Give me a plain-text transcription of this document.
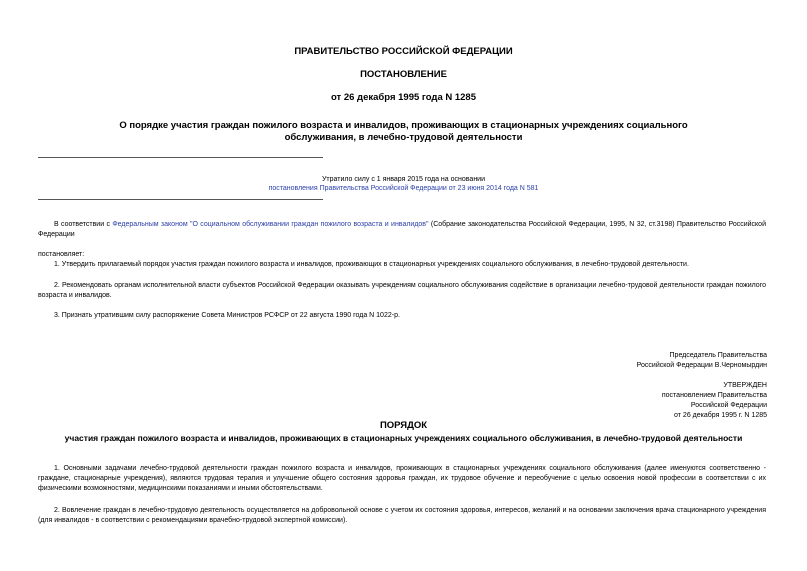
ПРАВИТЕЛЬСТВО РОССИЙСКОЙ ФЕДЕРАЦИИ
ПОСТАНОВЛЕНИЕ
от 26 декабря 1995 года N 1285
О порядке участия граждан пожилого возраста и инвалидов, проживающих в стационарных учреждениях социального обслуживания, в лечебно-трудовой деятельности
Утратило силу с 1 января 2015 года на основании
постановления Правительства Российской Федерации от 23 июня 2014 года N 581
В соответствии с Федеральным законом "О социальном обслуживании граждан пожилого возраста и инвалидов" (Собрание законодательства Российской Федерации, 1995, N 32, ст.3198) Правительство Российской Федерации
постановляет:
1. Утвердить прилагаемый порядок участия граждан пожилого возраста и инвалидов, проживающих в стационарных учреждениях социального обслуживания, в лечебно-трудовой деятельности.
2. Рекомендовать органам исполнительной власти субъектов Российской Федерации оказывать учреждениям социального обслуживания содействие в организации лечебно-трудовой деятельности граждан пожилого возраста и инвалидов.
3. Признать утратившим силу распоряжение Совета Министров РСФСР от 22 августа 1990 года N 1022-р.
Председатель Правительства
Российской Федерации В.Черномырдин
УТВЕРЖДЕН
постановлением Правительства
Российской Федерации
от 26 декабря 1995 г. N 1285
ПОРЯДОК
участия граждан пожилого возраста и инвалидов, проживающих в стационарных учреждениях социального обслуживания, в лечебно-трудовой деятельности
1. Основными задачами лечебно-трудовой деятельности граждан пожилого возраста и инвалидов, проживающих в стационарных учреждениях социального обслуживания (далее именуются соответственно - граждане, стационарные учреждения), являются трудовая терапия и улучшение общего состояния здоровья граждан, их трудовое обучение и переобучение с целью освоения новой профессии в соответствии с их физическими возможностями, медицинскими показаниями и иными обстоятельствами.
2. Вовлечение граждан в лечебно-трудовую деятельность осуществляется на добровольной основе с учетом их состояния здоровья, интересов, желаний и на основании заключения врача стационарного учреждения (для инвалидов - в соответствии с рекомендациями врачебно-трудовой экспертной комиссии).
